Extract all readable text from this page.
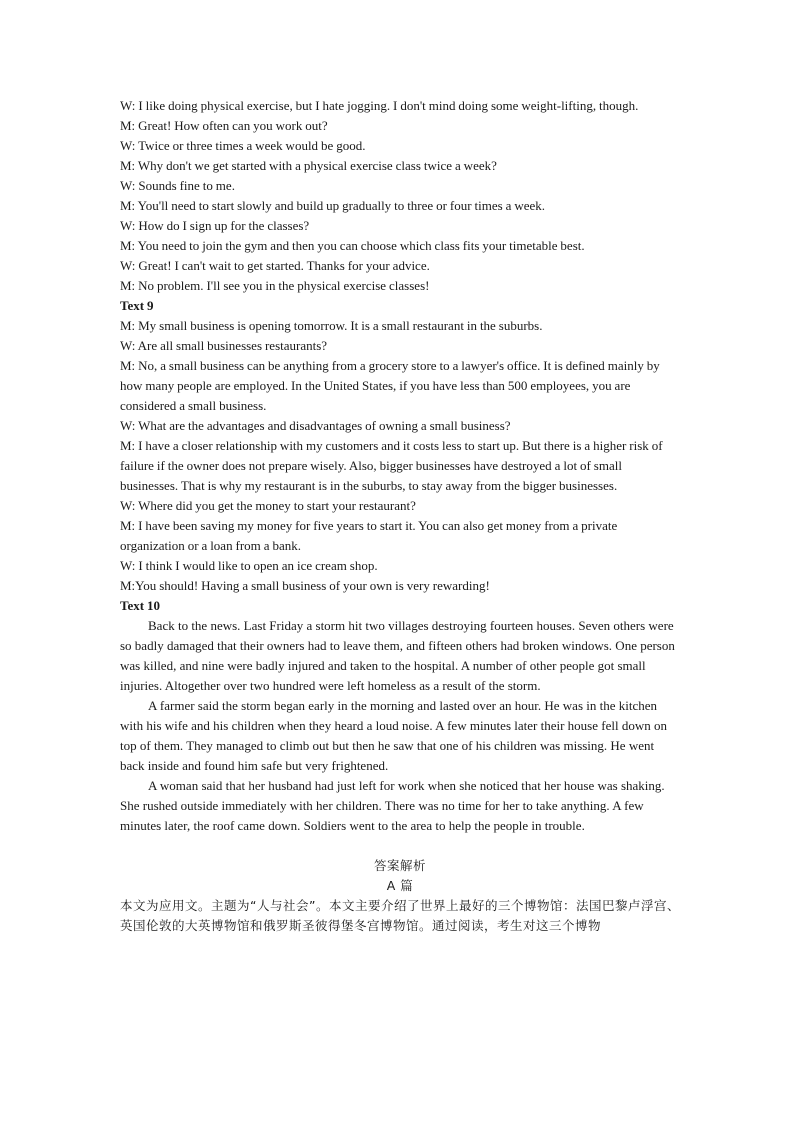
W: I like doing physical exercise, but I hate jogging. I don't mind doing some weight-lifting, though.

M: Great! How often can you work out?

W: Twice or three times a week would be good.

M: Why don't we get started with a physical exercise class twice a week?

W: Sounds fine to me.

M: You'll need to start slowly and build up gradually to three or four times a week.

W: How do I sign up for the classes?

M: You need to join the gym and then you can choose which class fits your timetable best.

W: Great! I can't wait to get started. Thanks for your advice.

M: No problem. I'll see you in the physical exercise classes!

Text 9

M: My small business is opening tomorrow. It is a small restaurant in the suburbs.

W: Are all small businesses restaurants?

M: No, a small business can be anything from a grocery store to a lawyer's office. It is defined mainly by how many people are employed. In the United States, if you have less than 500 employees, you are considered a small business.

W: What are the advantages and disadvantages of owning a small business?

M: I have a closer relationship with my customers and it costs less to start up. But there is a higher risk of failure if the owner does not prepare wisely. Also, bigger businesses have destroyed a lot of small businesses. That is why my restaurant is in the suburbs, to stay away from the bigger businesses.

W: Where did you get the money to start your restaurant?

M: I have been saving my money for five years to start it. You can also get money from a private organization or a loan from a bank.

W: I think I would like to open an ice cream shop.

M:You should! Having a small business of your own is very rewarding!

Text 10

Back to the news. Last Friday a storm hit two villages destroying fourteen houses. Seven others were so badly damaged that their owners had to leave them, and fifteen others had broken windows. One person was killed, and nine were badly injured and taken to the hospital. A number of other people got small injuries. Altogether over two hundred were left homeless as a result of the storm.

A farmer said the storm began early in the morning and lasted over an hour. He was in the kitchen with his wife and his children when they heard a loud noise. A few minutes later their house fell down on top of them. They managed to climb out but then he saw that one of his children was missing. He went back inside and found him safe but very frightened.

A woman said that her husband had just left for work when she noticed that her house was shaking. She rushed outside immediately with her children. There was no time for her to take anything. A few minutes later, the roof came down. Soldiers went to the area to help the people in trouble.

答案解析

A 篇

本文为应用文。主题为“人与社会”。本文主要介绍了世界上最好的三个博物馆：法国巴黎卢浮宫、英国伦敦的大英博物馆和俄罗斯圣彼得堡冬宫博物馆。通过阅读，考生对这三个博物
